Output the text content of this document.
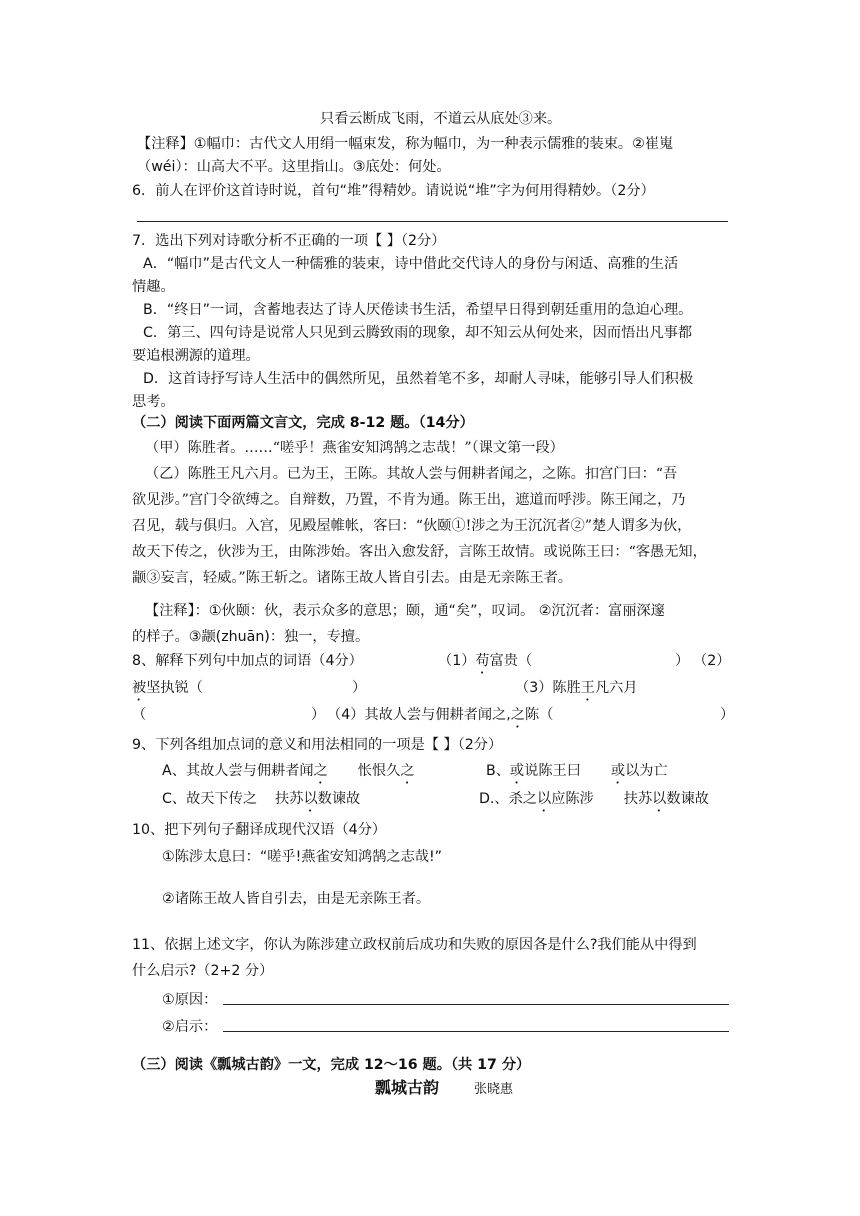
只看云断成飞雨，不道云从底处③来。
【注释】①幅巾：古代文人用绢一幅束发，称为幅巾，为一种表示儒雅的装束。②崔嵬
（wéi）：山高大不平。这里指山。③底处：何处。
6．前人在评价这首诗时说，首句“堆”得精妙。请说说“堆”字为何用得精妙。（2分）
7．选出下列对诗歌分析不正确的一项【 】（2分）
A．“幅巾”是古代文人一种儒雅的装束，诗中借此交代诗人的身份与闲适、高雅的生活
情趣。
B．“终日”一词，含蓄地表达了诗人厌倦读书生活，希望早日得到朝廷重用的急迫心理。
C．第三、四句诗是说常人只见到云腾致雨的现象，却不知云从何处来，因而悟出凡事都
要追根溯源的道理。
D．这首诗抒写诗人生活中的偶然所见，虽然着笔不多，却耐人寻味，能够引导人们积极
思考。
（二）阅读下面两篇文言文，完成 8-12 题。（14分）
（甲）陈胜者。……“嗟乎！燕雀安知鸿鹄之志哉！”（课文第一段）
（乙）陈胜王凡六月。已为王，王陈。其故人尝与佣耕者闻之，之陈。扣宫门曰：“吾
欲见涉。”宫门令欲缚之。自辩数，乃置，不肯为通。陈王出，遮道而呼涉。陈王闻之，乃
召见，载与俱归。入宫，见殿屋帷帐，客曰：“伙颐①!涉之为王沉沉者②”楚人谓多为伙，
故天下传之，伙涉为王，由陈涉始。客出入愈发舒，言陈王故情。或说陈王曰：“客愚无知，
颛③妄言，轻威。”陈王斩之。诸陈王故人皆自引去。由是无亲陈王者。
【注释】：①伙颐：伙，表示众多的意思；颐，通“矣”，叹词。 ②沉沉者：富丽深邃
的样子。③颛(zhuān)：独一，专擅。
8、解释下列句中加点的词语（4分）	（1）苟富贵（	） （2）
被坚执锐（	）	（3）陈胜王凡六月
（	） （4）其故人尝与佣耕者闻之,之陈（	）
9、下列各组加点词的意义和用法相同的一项是【 】（2分）
A、其故人尝与佣耕者闻之 怅恨久之	B、或说陈王曰 或以为亡
C、故天下传之 扶苏以数谏故	D.、杀之以应陈涉 扶苏以数谏故
10、把下列句子翻译成现代汉语（4分）
①陈涉太息曰：“嗟乎!燕雀安知鸿鹄之志哉!”
②诸陈王故人皆自引去，由是无亲陈王者。
11、依据上述文字，你认为陈涉建立政权前后成功和失败的原因各是什么?我们能从中得到
什么启示?（2+2 分）
①原因：
②启示：
（三）阅读《瓢城古韵》一文，完成 12～16 题。（共 17 分）
瓢城古韵	张晓惠
